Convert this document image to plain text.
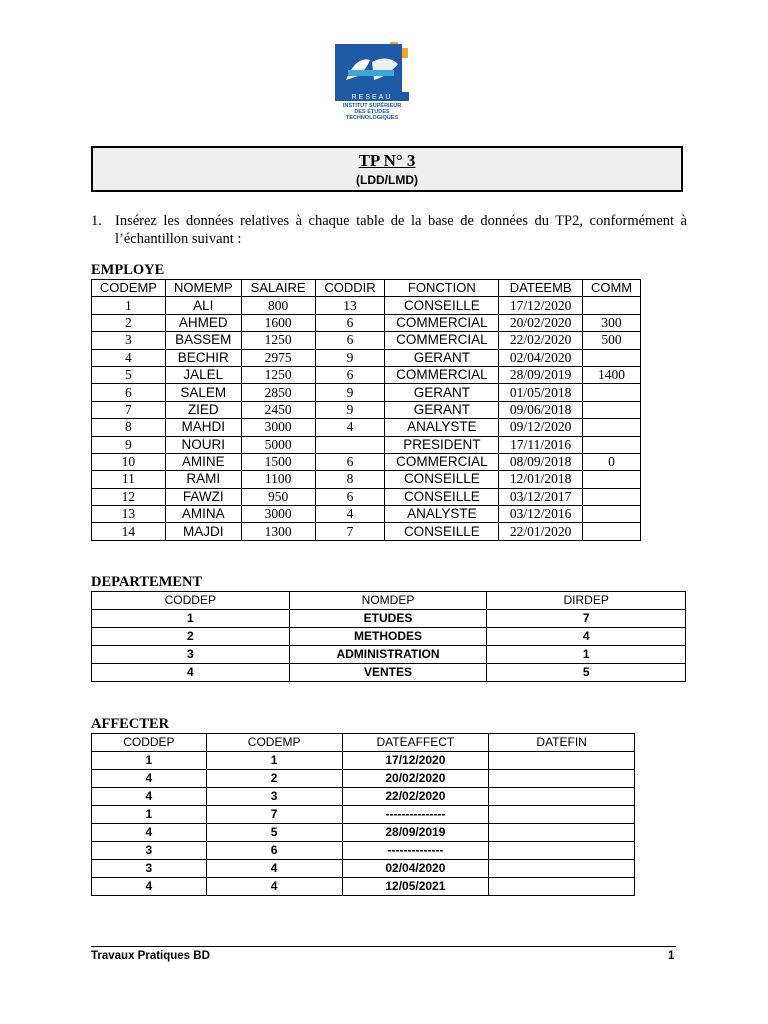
RESEAU
INSTITUT SUPÉRIEUR
DES ÉTUDES
TECHNOLOGIQUES
TP N° 3
(LDD/LMD)
1. Insérez les données relatives à chaque table de la base de données du TP2, conformément à l’échantillon suivant :
EMPLOYE
CODEMP	NOMEMP	SALAIRE	CODDIR	FONCTION	DATEEMB	COMM
1	ALI	800	13	CONSEILLE	17/12/2020	
2	AHMED	1600	6	COMMERCIAL	20/02/2020	300
3	BASSEM	1250	6	COMMERCIAL	22/02/2020	500
4	BECHIR	2975	9	GERANT	02/04/2020	
5	JALEL	1250	6	COMMERCIAL	28/09/2019	1400
6	SALEM	2850	9	GERANT	01/05/2018	
7	ZIED	2450	9	GERANT	09/06/2018	
8	MAHDI	3000	4	ANALYSTE	09/12/2020	
9	NOURI	5000		PRESIDENT	17/11/2016	
10	AMINE	1500	6	COMMERCIAL	08/09/2018	0
11	RAMI	1100	8	CONSEILLE	12/01/2018	
12	FAWZI	950	6	CONSEILLE	03/12/2017	
13	AMINA	3000	4	ANALYSTE	03/12/2016	
14	MAJDI	1300	7	CONSEILLE	22/01/2020	
DEPARTEMENT
CODDEP	NOMDEP	DIRDEP
1	ETUDES	7
2	METHODES	4
3	ADMINISTRATION	1
4	VENTES	5
AFFECTER
CODDEP	CODEMP	DATEAFFECT	DATEFIN
1	1	17/12/2020	
4	2	20/02/2020	
4	3	22/02/2020	
1	7	---------------	
4	5	28/09/2019	
3	6	--------------	
3	4	02/04/2020	
4	4	12/05/2021	
Travaux Pratiques BD	1
